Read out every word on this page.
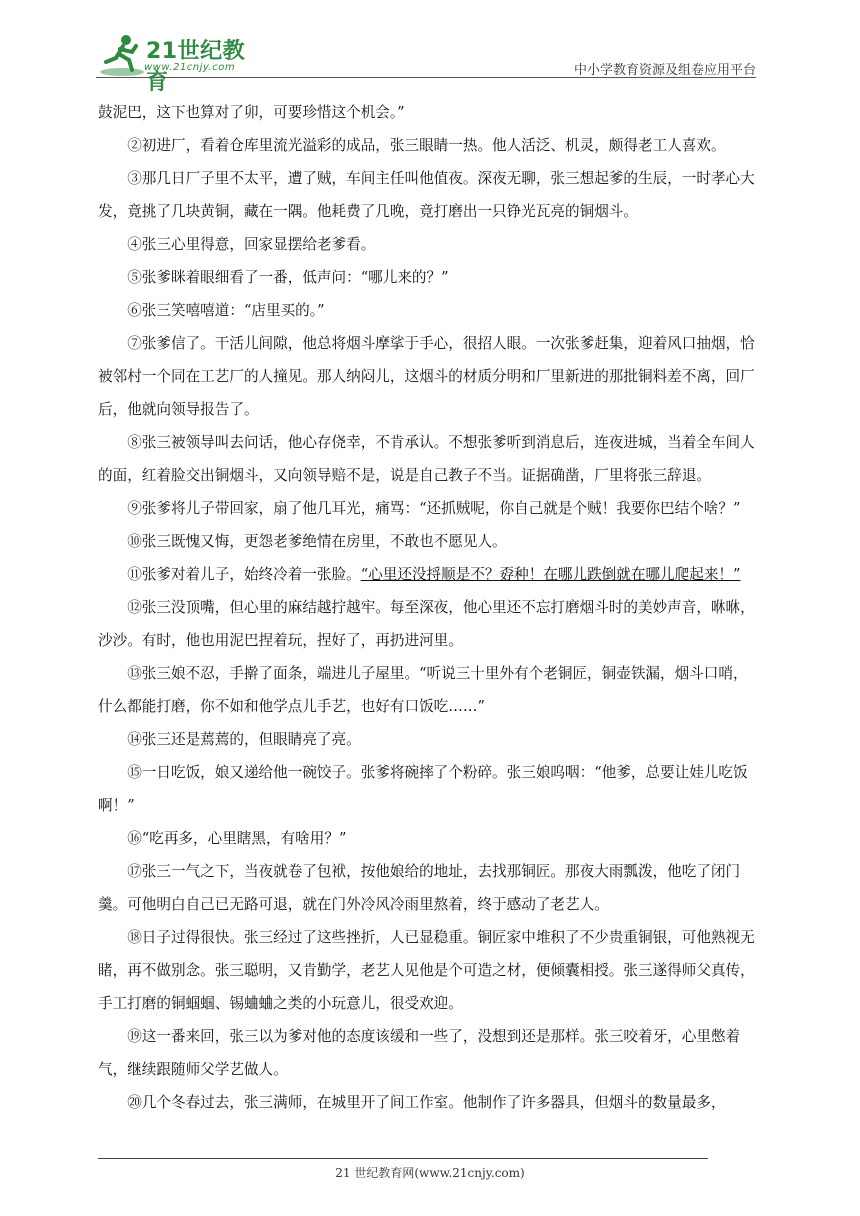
21世纪教育
www.21cnjy.com	中小学教育资源及组卷应用平台

鼓泥巴，这下也算对了卯，可要珍惜这个机会。”

②初进厂，看着仓库里流光溢彩的成品，张三眼睛一热。他人活泛、机灵，颇得老工人喜欢。

③那几日厂子里不太平，遭了贼，车间主任叫他值夜。深夜无聊，张三想起爹的生辰，一时孝心大发，竟挑了几块黄铜，藏在一隅。他耗费了几晚，竟打磨出一只铮光瓦亮的铜烟斗。

④张三心里得意，回家显摆给老爹看。

⑤张爹眯着眼细看了一番，低声问：“哪儿来的？”

⑥张三笑嘻嘻道：“店里买的。”

⑦张爹信了。干活儿间隙，他总将烟斗摩挲于手心，很招人眼。一次张爹赶集，迎着风口抽烟，恰被邻村一个同在工艺厂的人撞见。那人纳闷儿，这烟斗的材质分明和厂里新进的那批铜料差不离，回厂后，他就向领导报告了。

⑧张三被领导叫去问话，他心存侥幸，不肯承认。不想张爹听到消息后，连夜进城，当着全车间人的面，红着脸交出铜烟斗，又向领导赔不是，说是自己教子不当。证据确凿，厂里将张三辞退。

⑨张爹将儿子带回家，扇了他几耳光，痛骂：“还抓贼呢，你自己就是个贼！我要你巴结个啥？”

⑩张三既愧又悔，更怨老爹绝情在房里，不敢也不愿见人。

⑪张爹对着儿子，始终冷着一张脸。“心里还没捋顺是不？孬种！在哪儿跌倒就在哪儿爬起来！”

⑫张三没顶嘴，但心里的麻结越拧越牢。每至深夜，他心里还不忘打磨烟斗时的美妙声音，咻咻，沙沙。有时，他也用泥巴捏着玩，捏好了，再扔进河里。

⑬张三娘不忍，手擀了面条，端进儿子屋里。“听说三十里外有个老铜匠，铜壶铁漏，烟斗口哨，什么都能打磨，你不如和他学点儿手艺，也好有口饭吃……”

⑭张三还是蔫蔫的，但眼睛亮了亮。

⑮一日吃饭，娘又递给他一碗饺子。张爹将碗摔了个粉碎。张三娘呜咽：“他爹，总要让娃儿吃饭啊！”

⑯“吃再多，心里瞎黑，有啥用？”

⑰张三一气之下，当夜就卷了包袱，按他娘给的地址，去找那铜匠。那夜大雨瓢泼，他吃了闭门羹。可他明白自己已无路可退，就在门外冷风冷雨里熬着，终于感动了老艺人。

⑱日子过得很快。张三经过了这些挫折，人已显稳重。铜匠家中堆积了不少贵重铜银，可他熟视无睹，再不做别念。张三聪明，又肯勤学，老艺人见他是个可造之材，便倾囊相授。张三遂得师父真传，手工打磨的铜蝈蝈、锡蛐蛐之类的小玩意儿，很受欢迎。

⑲这一番来回，张三以为爹对他的态度该缓和一些了，没想到还是那样。张三咬着牙，心里憋着气，继续跟随师父学艺做人。

⑳几个冬春过去，张三满师，在城里开了间工作室。他制作了许多器具，但烟斗的数量最多，

21 世纪教育网(www.21cnjy.com)
